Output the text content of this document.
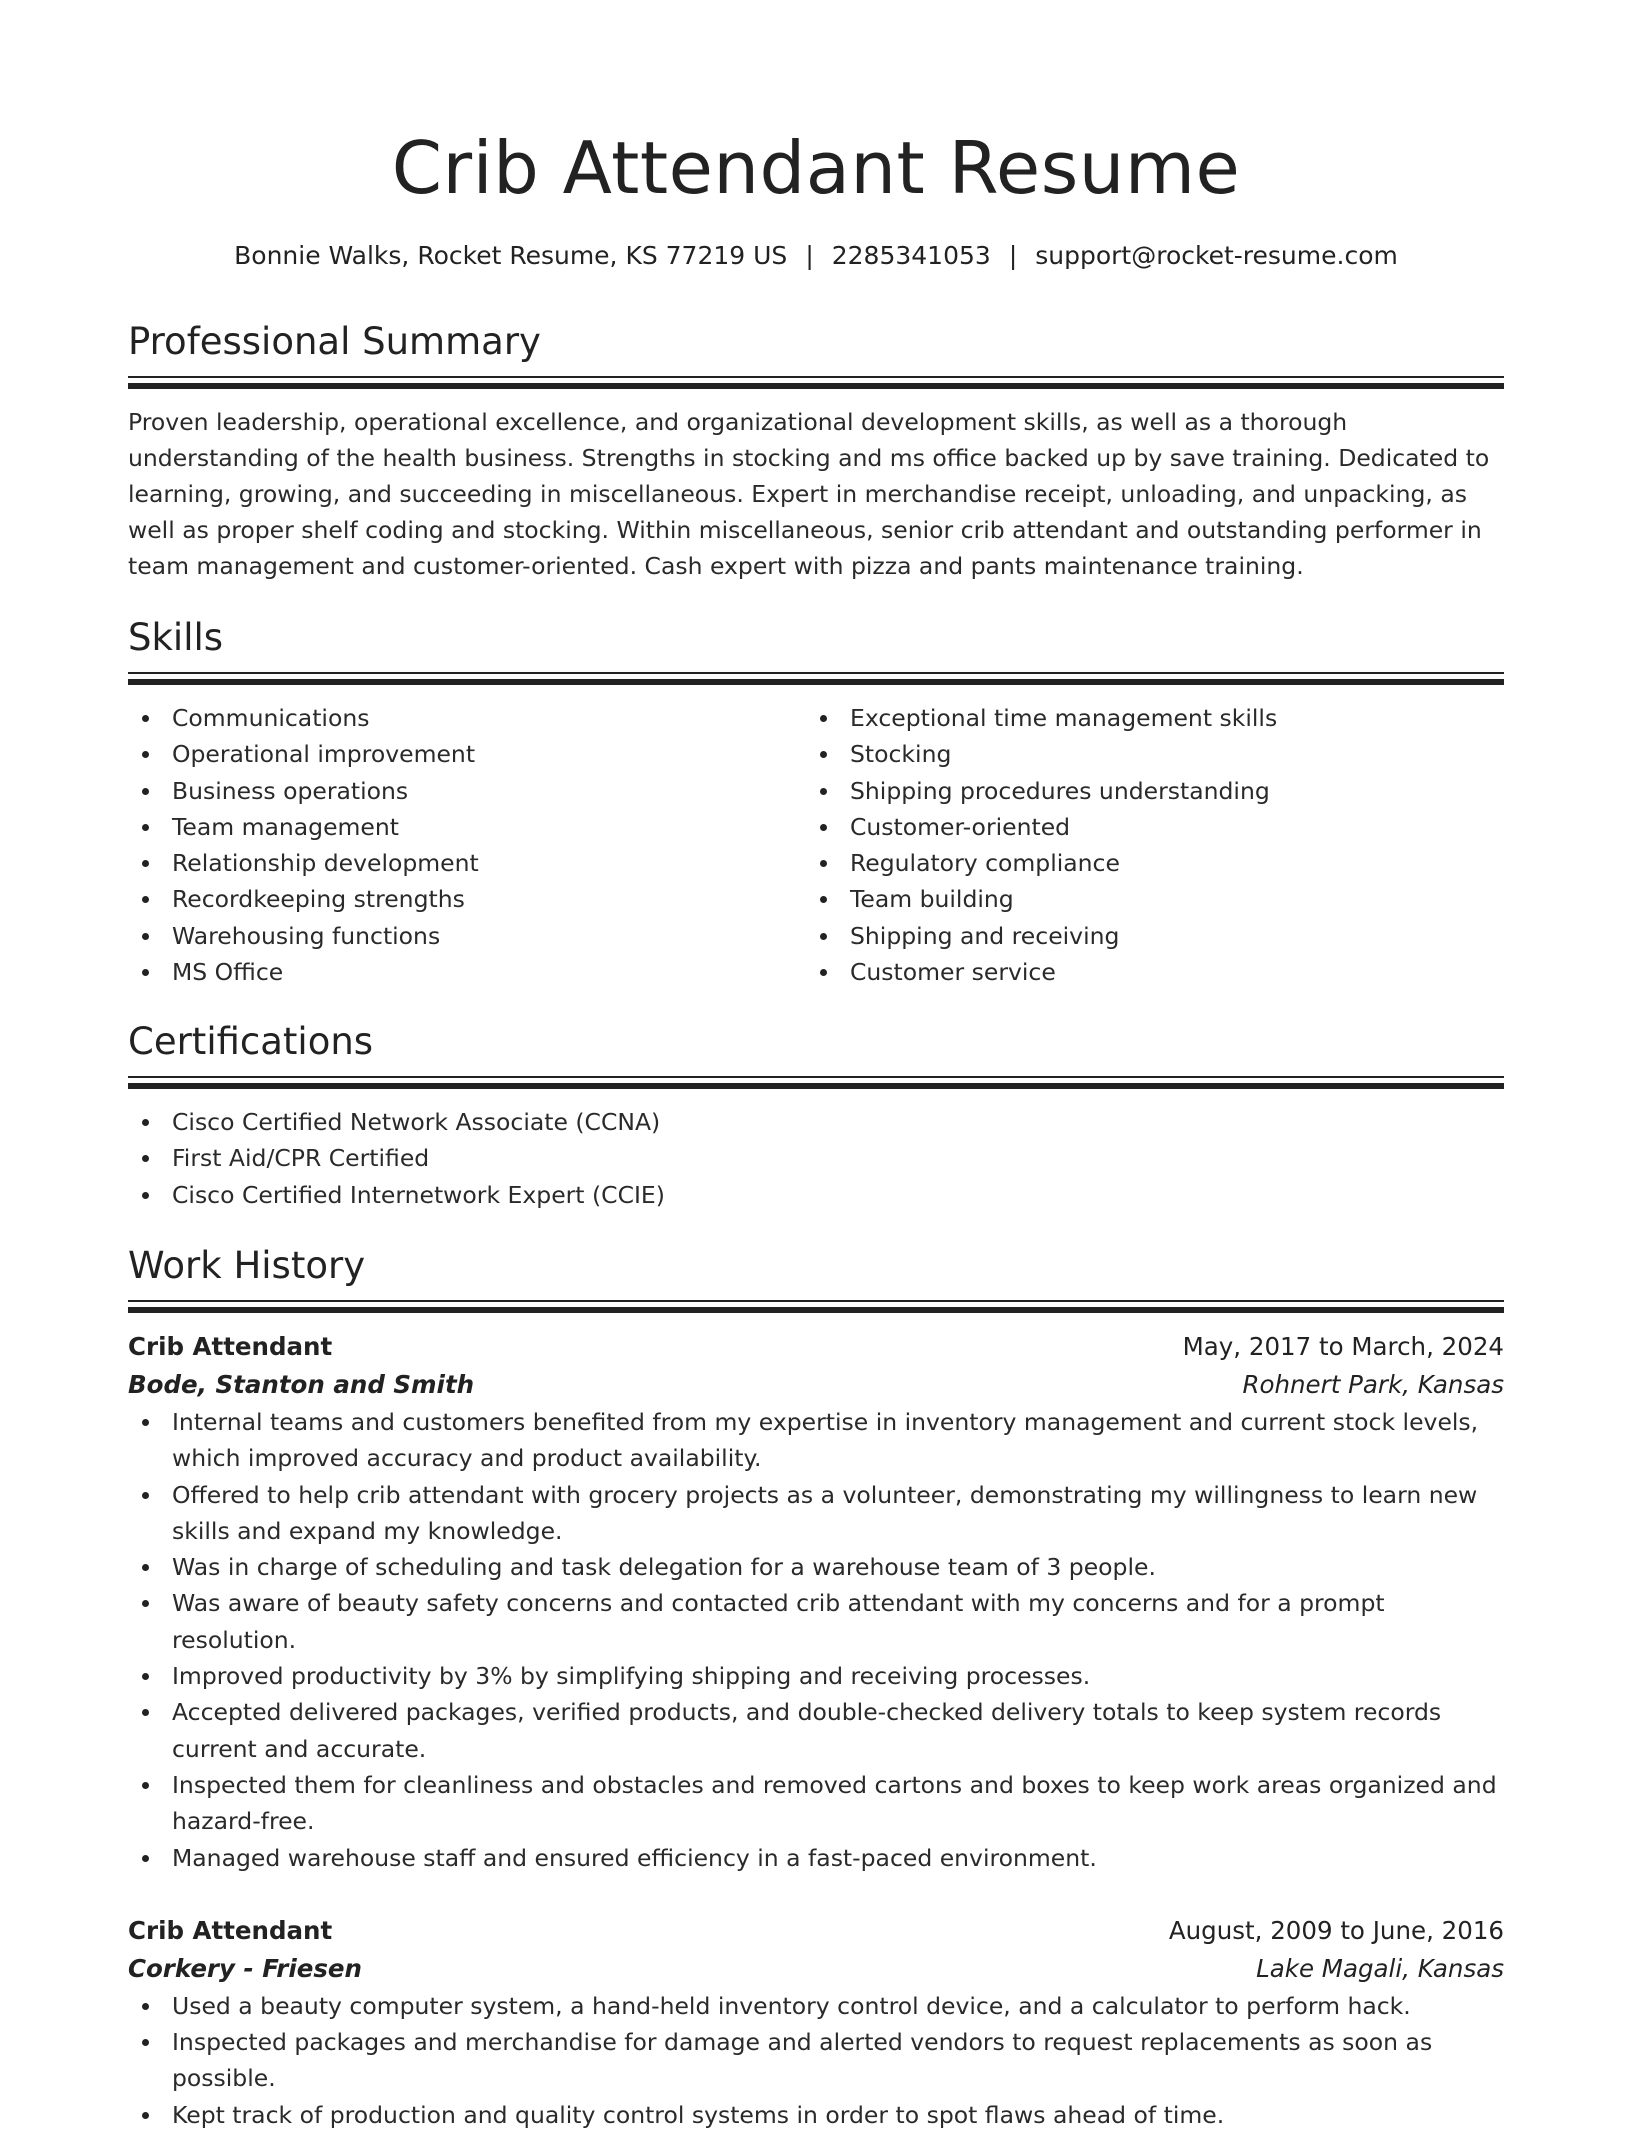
Crib Attendant Resume
Bonnie Walks, Rocket Resume, KS 77219 US | 2285341053 | support@rocket-resume.com
Professional Summary
Proven leadership, operational excellence, and organizational development skills, as well as a thorough understanding of the health business. Strengths in stocking and ms office backed up by save training. Dedicated to learning, growing, and succeeding in miscellaneous. Expert in merchandise receipt, unloading, and unpacking, as well as proper shelf coding and stocking. Within miscellaneous, senior crib attendant and outstanding performer in team management and customer-oriented. Cash expert with pizza and pants maintenance training.
Skills
Communications
Operational improvement
Business operations
Team management
Relationship development
Recordkeeping strengths
Warehousing functions
MS Office
Exceptional time management skills
Stocking
Shipping procedures understanding
Customer-oriented
Regulatory compliance
Team building
Shipping and receiving
Customer service
Certifications
Cisco Certified Network Associate (CCNA)
First Aid/CPR Certified
Cisco Certified Internetwork Expert (CCIE)
Work History
Crib Attendant	May, 2017 to March, 2024
Bode, Stanton and Smith	Rohnert Park, Kansas
Internal teams and customers benefited from my expertise in inventory management and current stock levels, which improved accuracy and product availability.
Offered to help crib attendant with grocery projects as a volunteer, demonstrating my willingness to learn new skills and expand my knowledge.
Was in charge of scheduling and task delegation for a warehouse team of 3 people.
Was aware of beauty safety concerns and contacted crib attendant with my concerns and for a prompt resolution.
Improved productivity by 3% by simplifying shipping and receiving processes.
Accepted delivered packages, verified products, and double-checked delivery totals to keep system records current and accurate.
Inspected them for cleanliness and obstacles and removed cartons and boxes to keep work areas organized and hazard-free.
Managed warehouse staff and ensured efficiency in a fast-paced environment.
Crib Attendant	August, 2009 to June, 2016
Corkery - Friesen	Lake Magali, Kansas
Used a beauty computer system, a hand-held inventory control device, and a calculator to perform hack.
Inspected packages and merchandise for damage and alerted vendors to request replacements as soon as possible.
Kept track of production and quality control systems in order to spot flaws ahead of time.
